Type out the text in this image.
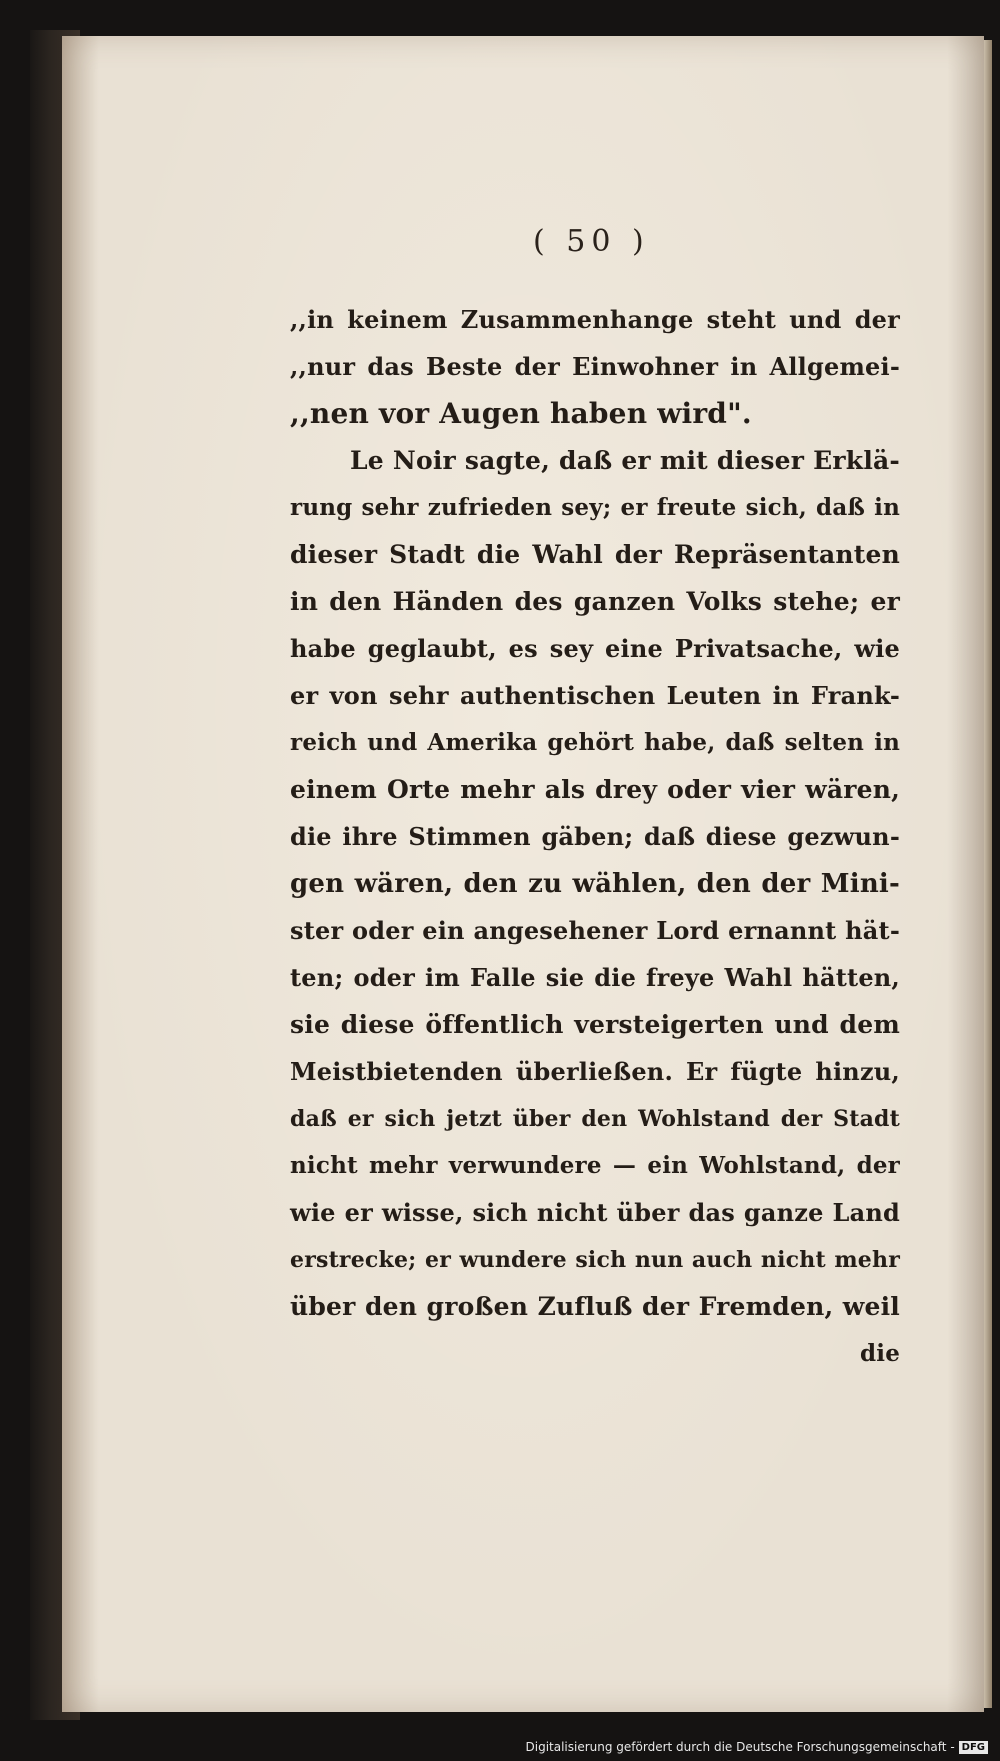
( 50 )
,,in keinem Zusammenhange steht und der
,,nur das Beste der Einwohner in Allgemei-
,,nen vor Augen haben wird".
Le Noir sagte, daß er mit dieser Erklä-
rung sehr zufrieden sey; er freute sich, daß in
dieser Stadt die Wahl der Repräsentanten
in den Händen des ganzen Volks stehe; er
habe geglaubt, es sey eine Privatsache, wie
er von sehr authentischen Leuten in Frank-
reich und Amerika gehört habe, daß selten in
einem Orte mehr als drey oder vier wären,
die ihre Stimmen gäben; daß diese gezwun-
gen wären, den zu wählen, den der Mini-
ster oder ein angesehener Lord ernannt hät-
ten; oder im Falle sie die freye Wahl hätten,
sie diese öffentlich versteigerten und dem
Meistbietenden überließen. Er fügte hinzu,
daß er sich jetzt über den Wohlstand der Stadt
nicht mehr verwundere — ein Wohlstand, der
wie er wisse, sich nicht über das ganze Land
erstrecke; er wundere sich nun auch nicht mehr
über den großen Zufluß der Fremden, weil
die
Digitalisierung gefördert durch die Deutsche Forschungsgemeinschaft - DFG
